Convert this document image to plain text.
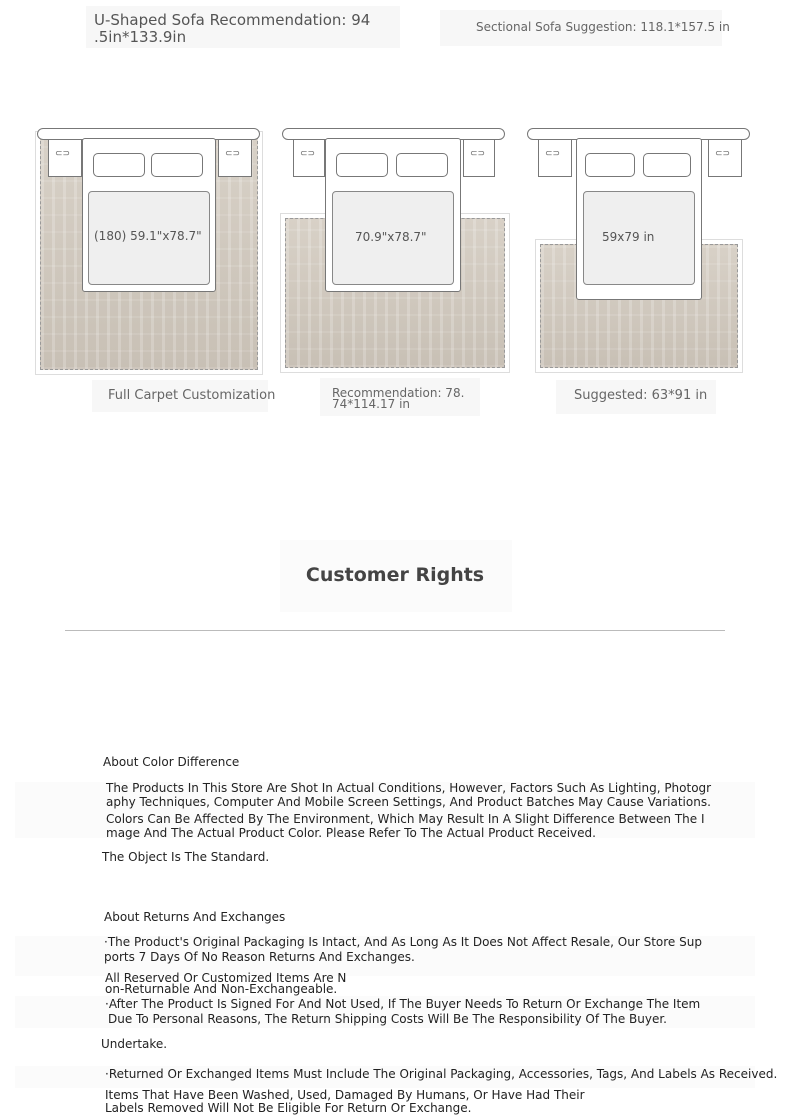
U-Shaped Sofa Recommendation: 94
.5in*133.9in
Sectional Sofa Suggestion: 118.1*157.5 in
⊂⊃
⊂⊃
(180) 59.1"x78.7"
Full Carpet Customization
⊂⊃
⊂⊃
70.9"x78.7"
Recommendation: 78.
74*114.17 in
⊂⊃
⊂⊃
59x79 in
Suggested: 63*91 in
Customer Rights
About Color Difference
The Products In This Store Are Shot In Actual Conditions, However, Factors Such As Lighting, Photogr
aphy Techniques, Computer And Mobile Screen Settings, And Product Batches May Cause Variations.
Colors Can Be Affected By The Environment, Which May Result In A Slight Difference Between The I
mage And The Actual Product Color. Please Refer To The Actual Product Received.
The Object Is The Standard.
About Returns And Exchanges
·The Product's Original Packaging Is Intact, And As Long As It Does Not Affect Resale, Our Store Sup
ports 7 Days Of No Reason Returns And Exchanges.
All Reserved Or Customized Items Are N
on-Returnable And Non-Exchangeable.
·After The Product Is Signed For And Not Used, If The Buyer Needs To Return Or Exchange The Item
Due To Personal Reasons, The Return Shipping Costs Will Be The Responsibility Of The Buyer.
Undertake.
·Returned Or Exchanged Items Must Include The Original Packaging, Accessories, Tags, And Labels As Received.
Items That Have Been Washed, Used, Damaged By Humans, Or Have Had Their
Labels Removed Will Not Be Eligible For Return Or Exchange.
